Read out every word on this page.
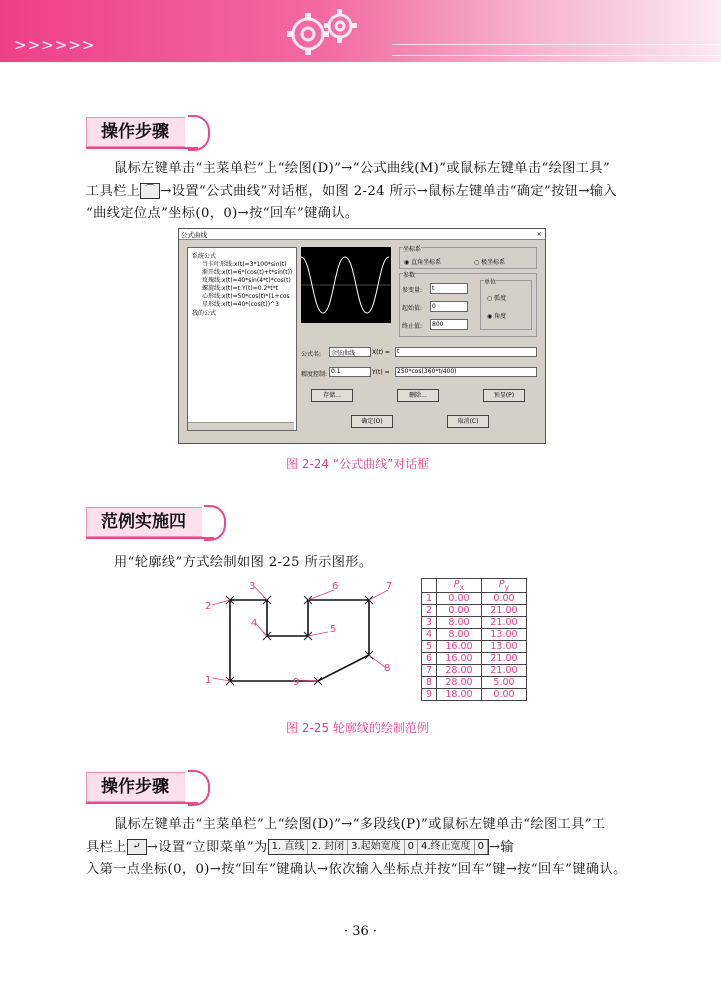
>>>>>>
操作步骤

鼠标左键单击“主菜单栏”上“绘图(D)”→“公式曲线(M)”或鼠标左键单击“绘图工具”

工具栏上 ⌒ →设置“公式曲线”对话框，如图 2-24 所示→鼠标左键单击“确定”按钮→输入

“曲线定位点”坐标(0，0)→按“回车”键确认。

公式曲线	×
系统公式
当卡叶形线:x(t)=3*100*sin(t)
渐开线:x(t)=6*(cos(t)+t*sin(t))
玫瑰线:x(t)=40*sin(4*t)*cos(t)
螺旋线:x(t)=t:Y(t)=0.2*t*t
心形线:x(t)=50*cos(t)*(1+cos
星形线:x(t)=40*(cos(t))^3
我的公式
坐标系
◉ 直角坐标系	○ 极坐标系
参数
参变量: t
起始值: 0
终止值: 800
单位
○ 弧度
◉ 角度
公式名: 余弦曲线	X(t) = t
精度控制: 0.1	Y(t) = 250*cos(360*t/400)
存储...	删除...	预显(P)
确定(O)	取消(C)
图 2-24 “公式曲线”对话框
范例实施四

用“轮廓线”方式绘制如图 2-25 所示图形。

1
2
3
4
5
6	7
8
9
	$P_x$	$P_y$
1	0.00	0.00
2	0.00	21.00
3	8.00	21.00
4	8.00	13.00
5	16.00	13.00
6	16.00	21.00
7	28.00	21.00
8	28.00	5.00
9	18.00	0.00
图 2-25 轮廓线的绘制范例
操作步骤

鼠标左键单击“主菜单栏”上“绘图(D)”→“多段线(P)”或鼠标左键单击“绘图工具”工

具栏上 ⤶ →设置“立即菜单”为 1. 直线 2. 封闭 3.起始宽度 0 4.终止宽度 0 →输

入第一点坐标(0，0)→按“回车”键确认→依次输入坐标点并按“回车”键→按“回车”键确认。

· 36 ·
